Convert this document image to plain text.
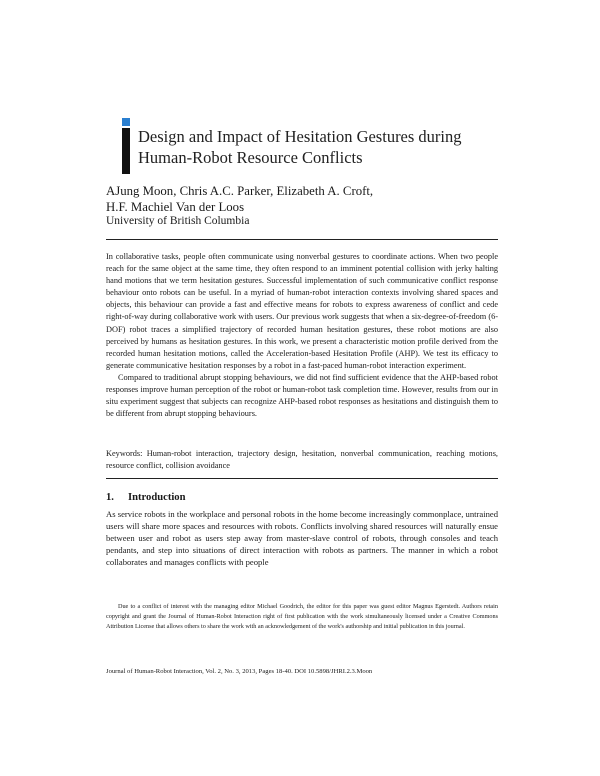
Design and Impact of Hesitation Gestures during
Human-Robot Resource Conflicts
AJung Moon, Chris A.C. Parker, Elizabeth A. Croft,
H.F. Machiel Van der Loos
University of British Columbia

In collaborative tasks, people often communicate using nonverbal gestures to coordinate actions. When two people reach for the same object at the same time, they often respond to an imminent potential collision with jerky halting hand motions that we term hesitation gestures. Successful implementation of such communicative conflict response behaviour onto robots can be useful. In a myriad of human-robot interaction contexts involving shared spaces and objects, this behaviour can provide a fast and effective means for robots to express awareness of conflict and cede right-of-way during collaborative work with users. Our previous work suggests that when a six-degree-of-freedom (6-DOF) robot traces a simplified trajectory of recorded human hesitation gestures, these robot motions are also perceived by humans as hesitation gestures. In this work, we present a characteristic motion profile derived from the recorded human hesitation motions, called the Acceleration-based Hesitation Profile (AHP). We test its efficacy to generate communicative hesitation responses by a robot in a fast-paced human-robot interaction experiment.

Compared to traditional abrupt stopping behaviours, we did not find sufficient evidence that the AHP-based robot responses improve human perception of the robot or human-robot task completion time. However, results from our in situ experiment suggest that subjects can recognize AHP-based robot responses as hesitations and distinguish them to be different from abrupt stopping behaviours.

Keywords: Human-robot interaction, trajectory design, hesitation, nonverbal communication, reaching motions, resource conflict, collision avoidance
1. Introduction
As service robots in the workplace and personal robots in the home become increasingly commonplace, untrained users will share more spaces and resources with robots. Conflicts involving shared resources will naturally ensue between user and robot as users step away from master-slave control of robots, through consoles and teach pendants, and step into situations of direct interaction with robots as partners. The manner in which a robot collaborates and manages conflicts with people

Due to a conflict of interest with the managing editor Michael Goodrich, the editor for this paper was guest editor Magnus Egerstedt. Authors retain copyright and grant the Journal of Human-Robot Interaction right of first publication with the work simultaneously licensed under a Creative Commons Attribution License that allows others to share the work with an acknowledgement of the work's authorship and initial publication in this journal.

Journal of Human-Robot Interaction, Vol. 2, No. 3, 2013, Pages 18-40. DOI 10.5898/JHRI.2.3.Moon
